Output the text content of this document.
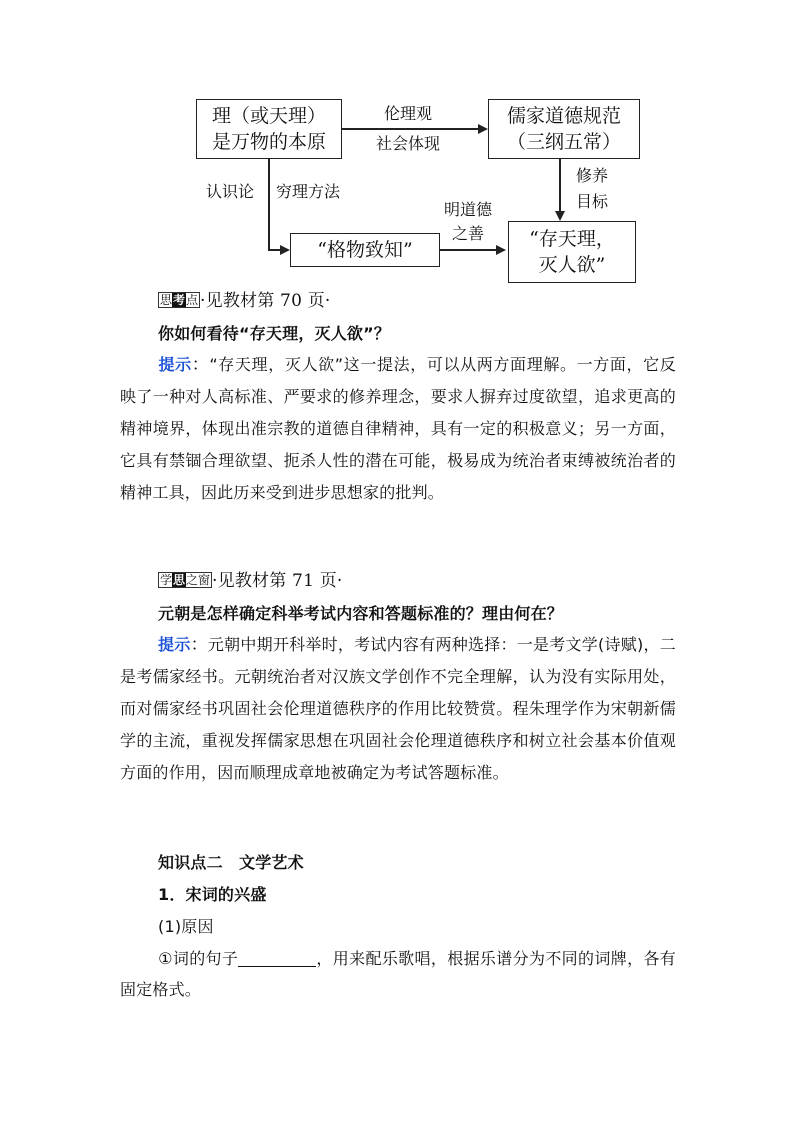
理（或天理）
是万物的本原
伦理观
社会体现
儒家道德规范
（三纲五常）
认识论 穷理方法
“格物致知”
明道德
之善
修养
目标
“存天理，
灭人欲”
思考点 ·见教材第 70 页·
你如何看待“存天理，灭人欲”？
提示：“存天理，灭人欲”这一提法，可以从两方面理解。一方面，它反映了一种对人高标准、严要求的修养理念，要求人摒弃过度欲望，追求更高的精神境界，体现出准宗教的道德自律精神，具有一定的积极意义；另一方面，它具有禁锢合理欲望、扼杀人性的潜在可能，极易成为统治者束缚被统治者的精神工具，因此历来受到进步思想家的批判。
学思之窗 ·见教材第 71 页·
元朝是怎样确定科举考试内容和答题标准的？理由何在？
提示：元朝中期开科举时，考试内容有两种选择：一是考文学(诗赋)，二是考儒家经书。元朝统治者对汉族文学创作不完全理解，认为没有实际用处，而对儒家经书巩固社会伦理道德秩序的作用比较赞赏。程朱理学作为宋朝新儒学的主流，重视发挥儒家思想在巩固社会伦理道德秩序和树立社会基本价值观方面的作用，因而顺理成章地被确定为考试答题标准。
知识点二　文学艺术
1．宋词的兴盛
(1)原因
①词的句子	，用来配乐歌唱，根据乐谱分为不同的词牌，各有固定格式。
